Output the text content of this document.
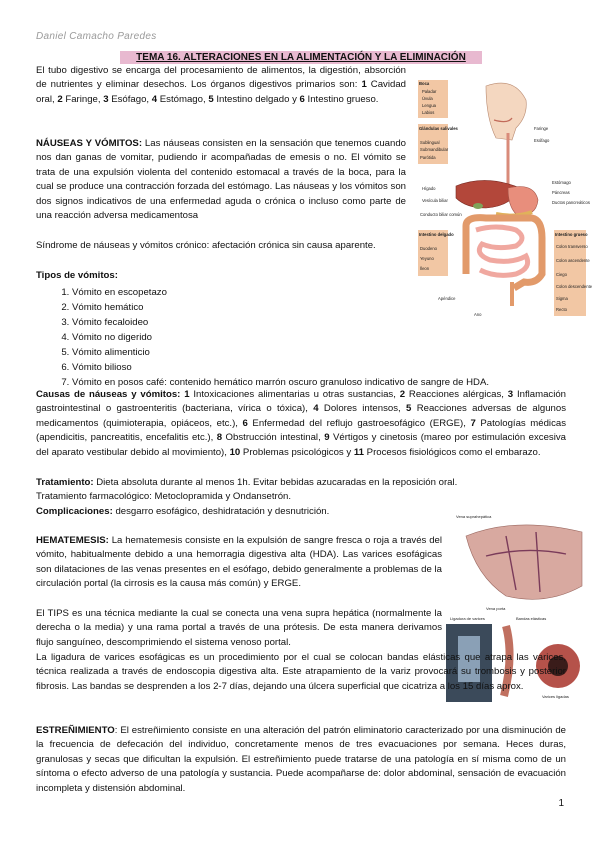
Daniel Camacho Paredes
TEMA 16. ALTERACIONES EN LA ALIMENTACIÓN Y LA ELIMINACIÓN
Boca
Paladar
Úvula
Lengua
Labios
Glándulas salivales
Sublingual
Submandibular
Parótida
Faringe
Esófago
Hígado
Vesícula biliar
Conducto biliar común
Estómago
Páncreas
Ductos pancreáticos
Intestino delgado
Duodeno
Yeyuno
Íleon
Intestino grueso
Colon transverso
Colon ascendente
Ciego
Colon descendente
Sigma
Recto
Apéndice
Ano
Vena suprahepática
Vena porta
Ligadura de varices	Bandas elásticas
Varices ligadas
El tubo digestivo se encarga del procesamiento de alimentos, la digestión, absorción de nutrientes y eliminar desechos. Los órganos digestivos primarios son: 1 Cavidad oral, 2 Faringe, 3 Esófago, 4 Estómago, 5 Intestino delgado y 6 Intestino grueso.
NÁUSEAS Y VÓMITOS: Las náuseas consisten en la sensación que tenemos cuando nos dan ganas de vomitar, pudiendo ir acompañadas de emesis o no. El vómito se trata de una expulsión violenta del contenido estomacal a través de la boca, para la cual se produce una contracción forzada del estómago. Las náuseas y los vómitos son dos signos indicativos de una enfermedad aguda o crónica o incluso como parte de una reacción adversa medicamentosa
Síndrome de náuseas y vómitos crónico: afectación crónica sin causa aparente.
Tipos de vómitos:
1. Vómito en escopetazo
2. Vómito hemático
3. Vómito fecaloideo
4. Vómito no digerido
5. Vómito alimenticio
6. Vómito bilioso
7. Vómito en posos café: contenido hemático marrón oscuro granuloso indicativo de sangre de HDA.
Causas de náuseas y vómitos: 1 Intoxicaciones alimentarias u otras sustancias, 2 Reacciones alérgicas, 3 Inflamación gastrointestinal o gastroenteritis (bacteriana, vírica o tóxica), 4 Dolores intensos, 5 Reacciones adversas de algunos medicamentos (quimioterapia, opiáceos, etc.), 6 Enfermedad del reflujo gastroesofágico (ERGE), 7 Patologías médicas (apendicitis, pancreatitis, encefalitis etc.), 8 Obstrucción intestinal, 9 Vértigos y cinetosis (mareo por estimulación excesiva del aparato vestibular debido al movimiento), 10 Problemas psicológicos y 11 Procesos fisiológicos como el embarazo.
Tratamiento: Dieta absoluta durante al menos 1h. Evitar bebidas azucaradas en la reposición oral.
Tratamiento farmacológico: Metoclopramida y Ondansetrón.
Complicaciones: desgarro esofágico, deshidratación y desnutrición.
HEMATEMESIS: La hematemesis consiste en la expulsión de sangre fresca o roja a través del vómito, habitualmente debido a una hemorragia digestiva alta (HDA). Las varices esofágicas son dilataciones de las venas presentes en el esófago, debido generalmente a problemas de la circulación portal (la cirrosis es la causa más común) y ERGE.
El TIPS es una técnica mediante la cual se conecta una vena supra hepática (normalmente la derecha o la media) y una rama portal a través de una prótesis. De esta manera derivamos flujo sanguíneo, descomprimiendo el sistema venoso portal.
La ligadura de varices esofágicas es un procedimiento por el cual se colocan bandas elásticas que atrapa las varices, técnica realizada a través de endoscopia digestiva alta. Este atrapamiento de la variz provocará su trombosis y posterior fibrosis. Las bandas se desprenden a los 2-7 días, dejando una úlcera superficial que cicatriza a los 15 días aprox.
ESTREÑIMIENTO: El estreñimiento consiste en una alteración del patrón eliminatorio caracterizado por una disminución de la frecuencia de defecación del individuo, concretamente menos de tres evacuaciones por semana. Heces duras, granulosas y secas que dificultan la expulsión. El estreñimiento puede tratarse de una patología en sí misma como de un síntoma o efecto adverso de una patología y sustancia. Puede acompañarse de: dolor abdominal, sensación de evacuación incompleta y distensión abdominal.
1
